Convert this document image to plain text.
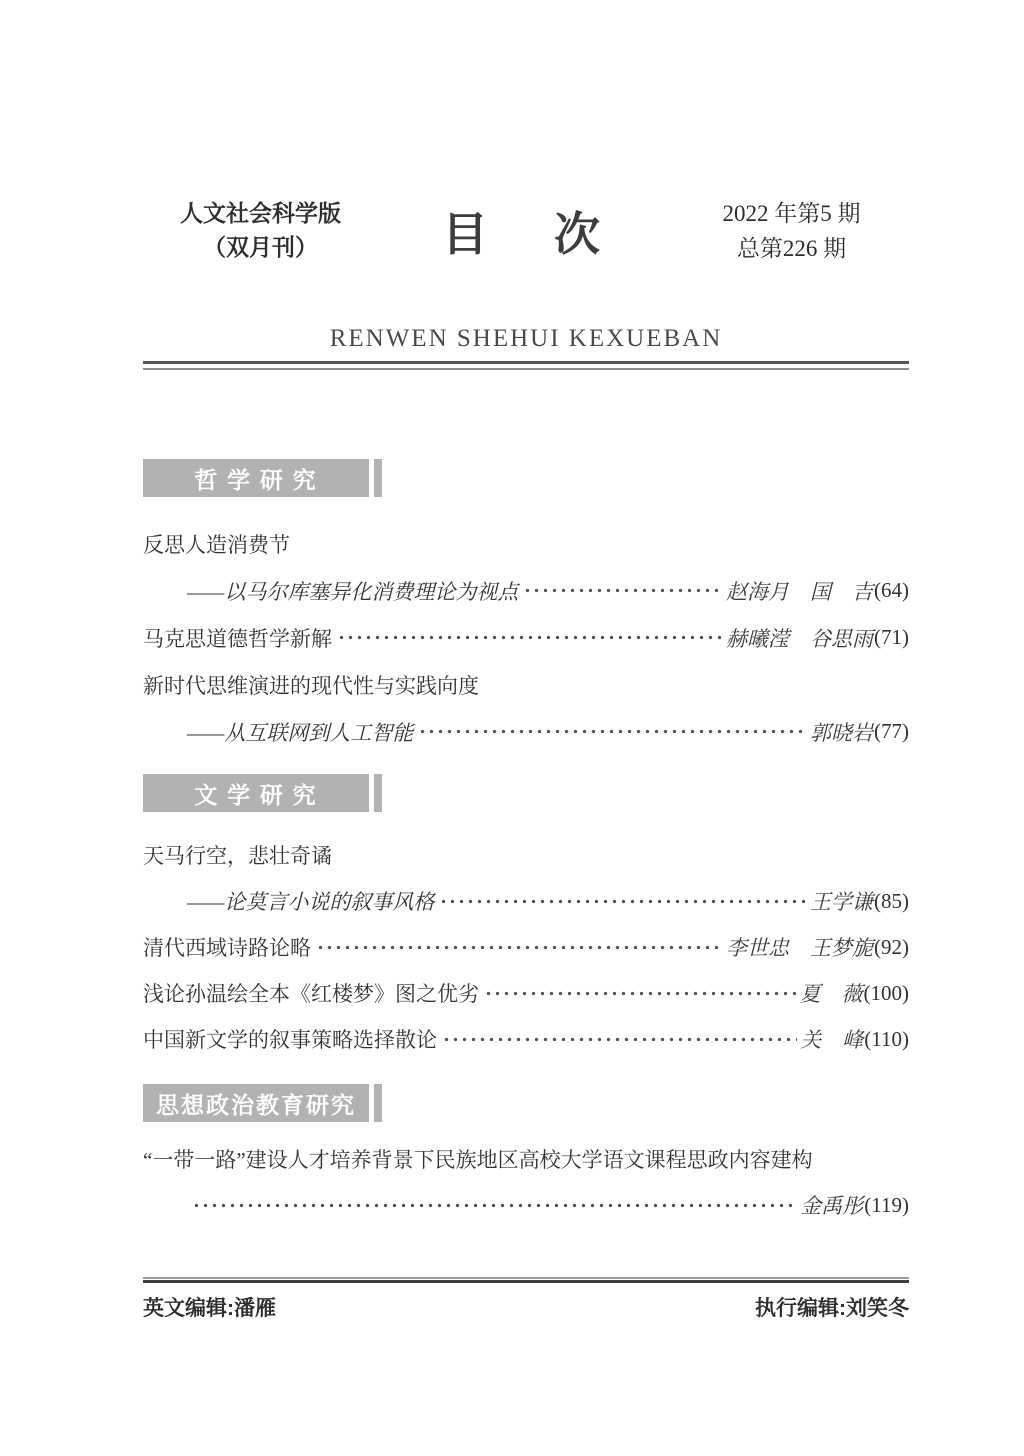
人文社会科学版
（双月刊）	目　次	2022 年第5 期
总第226 期
RENWEN SHEHUI KEXUEBAN
哲 学 研 究
反思人造消费节
——以马尔库塞异化消费理论为视点	赵海月　国　吉 (64)
马克思道德哲学新解	赫曦滢　谷思雨 (71)
新时代思维演进的现代性与实践向度
——从互联网到人工智能	郭晓岩 (77)
文 学 研 究
天马行空，悲壮奇谲
——论莫言小说的叙事风格	王学谦 (85)
清代西域诗路论略	李世忠　王梦旎 (92)
浅论孙温绘全本《红楼梦》图之优劣	夏　薇 (100)
中国新文学的叙事策略选择散论	关　峰 (110)
思想政治教育研究
“一带一路”建设人才培养背景下民族地区高校大学语文课程思政内容建构
金禹彤 (119)
英文编辑:潘雁	执行编辑:刘笑冬
